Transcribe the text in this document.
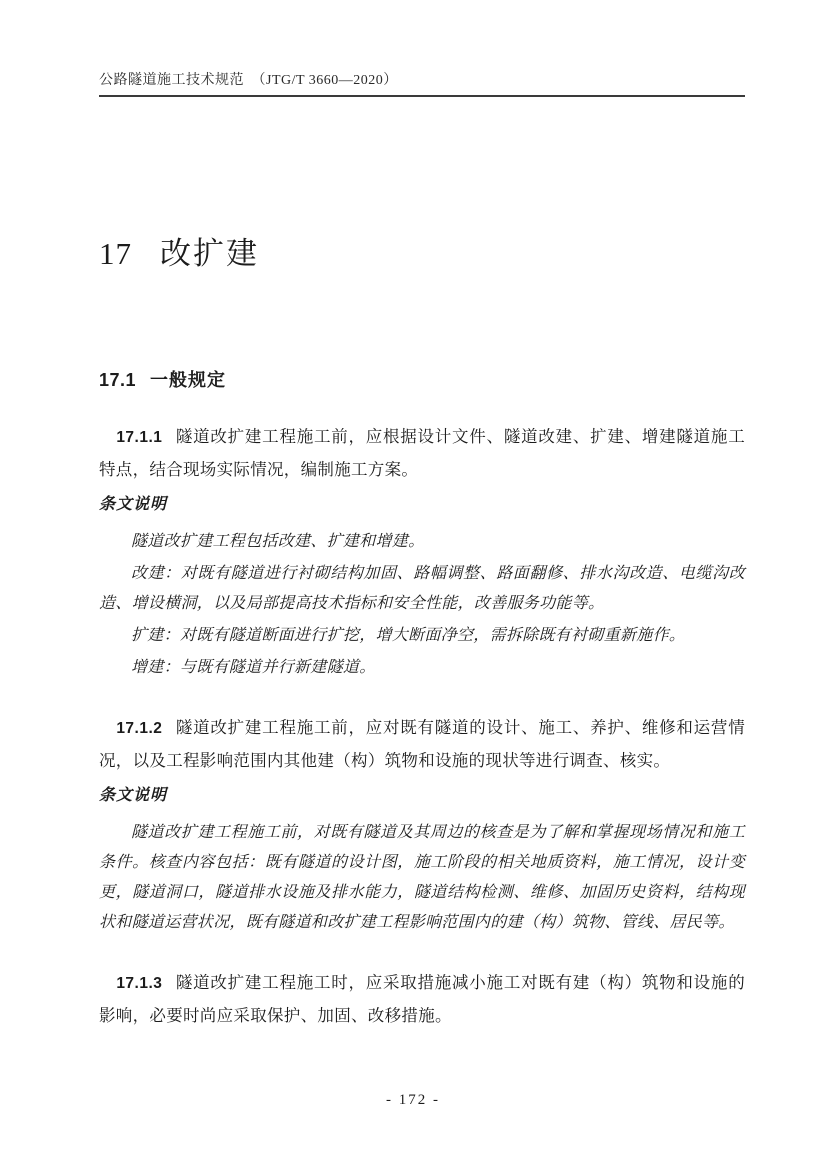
公路隧道施工技术规范　（JTG/T 3660—2020）
17 改扩建
17.1 一般规定

17.1.1 隧道改扩建工程施工前，应根据设计文件、隧道改建、扩建、增建隧道施工特点，结合现场实际情况，编制施工方案。

条文说明

隧道改扩建工程包括改建、扩建和增建。

改建：对既有隧道进行衬砌结构加固、路幅调整、路面翻修、排水沟改造、电缆沟改造、增设横洞，以及局部提高技术指标和安全性能，改善服务功能等。

扩建：对既有隧道断面进行扩挖，增大断面净空，需拆除既有衬砌重新施作。

增建：与既有隧道并行新建隧道。

17.1.2 隧道改扩建工程施工前，应对既有隧道的设计、施工、养护、维修和运营情况，以及工程影响范围内其他建（构）筑物和设施的现状等进行调查、核实。

条文说明

隧道改扩建工程施工前，对既有隧道及其周边的核查是为了解和掌握现场情况和施工条件。核查内容包括：既有隧道的设计图，施工阶段的相关地质资料，施工情况，设计变更，隧道洞口，隧道排水设施及排水能力，隧道结构检测、维修、加固历史资料，结构现状和隧道运营状况，既有隧道和改扩建工程影响范围内的建（构）筑物、管线、居民等。

17.1.3 隧道改扩建工程施工时，应采取措施减小施工对既有建（构）筑物和设施的影响，必要时尚应采取保护、加固、改移措施。

- 172 -
